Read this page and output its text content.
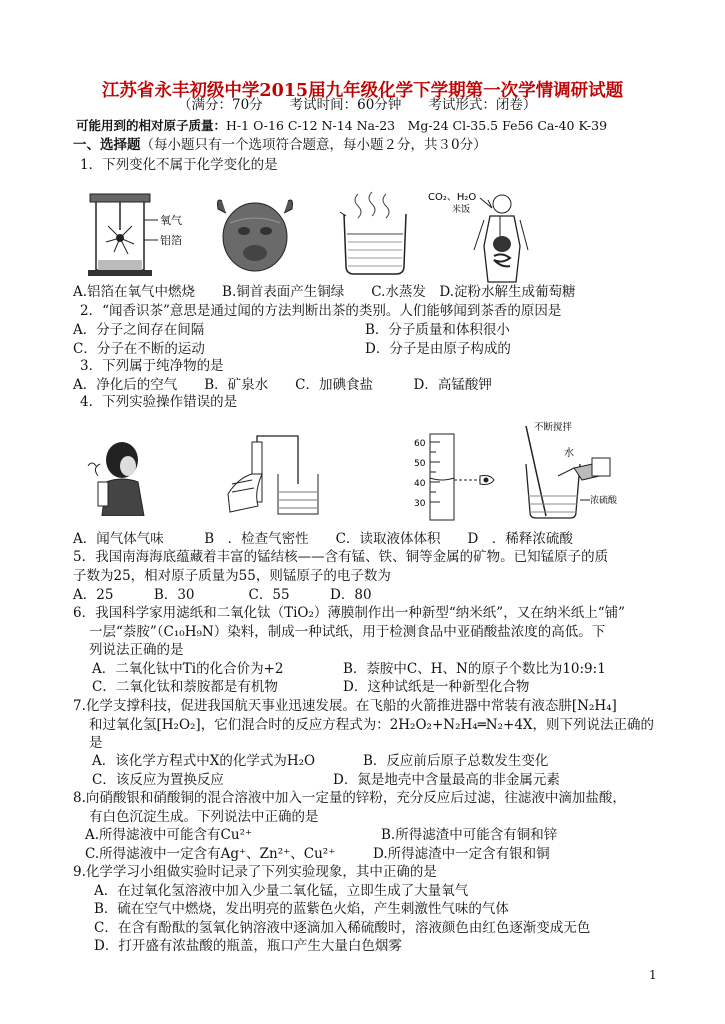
江苏省永丰初级中学2015届九年级化学下学期第一次学情调研试题
（满分：70分　　考试时间：60分钟　　考试形式：闭卷）
可能用到的相对原子质量：H-1 O-16 C-12 N-14 Na-23　Mg-24 Cl-35.5 Fe56 Ca-40 K-39
一、选择题（每小题只有一个选项符合题意，每小题２分，共３0分）
1．下列变化不属于化学变化的是
氧气
铝箔
CO₂、H₂O
米饭
A.铝箔在氧气中燃烧　　B.铜首表面产生铜绿　　C.水蒸发　D.淀粉水解生成葡萄糖
2．“闻香识茶”意思是通过闻的方法判断出茶的类别。人们能够闻到茶香的原因是
A．分子之间存在间隔	B．分子质量和体积很小
C．分子在不断的运动	D．分子是由原子构成的
3．下列属于纯净物的是
A．净化后的空气　　B．矿泉水　　C．加碘食盐　　　D．高锰酸钾
4．下列实验操作错误的是
60
50
40
30
不断搅拌
水
浓硫酸
A．闻气体气味　　　B　．检查气密性　　C．读取液体体积　　D　．稀释浓硫酸
5．我国南海海底蕴藏着丰富的锰结核——含有锰、铁、铜等金属的矿物。已知锰原子的质
子数为25，相对原子质量为55，则锰原子的电子数为
A．25　　　B．30　　　　C．55　　　D．80
6．我国科学家用滤纸和二氧化钛（TiO₂）薄膜制作出一种新型“纳米纸”，又在纳米纸上“铺”
一层“萘胺”（C₁₀H₉N）染料，制成一种试纸，用于检测食品中亚硝酸盐浓度的高低。下
列说法正确的是
A．二氧化钛中Ti的化合价为+2	B．萘胺中C、H、N的原子个数比为10:9:1
C．二氧化钛和萘胺都是有机物	D．这种试纸是一种新型化合物
7.化学支撑科技，促进我国航天事业迅速发展。在飞船的火箭推进器中常装有液态肼[N₂H₄]
和过氧化氢[H₂O₂]，它们混合时的反应方程式为：2H₂O₂+N₂H₄═N₂+4X，则下列说法正确的
是
A．该化学方程式中X的化学式为H₂O	B．反应前后原子总数发生变化
C．该反应为置换反应	D．氮是地壳中含量最高的非金属元素
8.向硝酸银和硝酸铜的混合溶液中加入一定量的锌粉，充分反应后过滤，往滤液中滴加盐酸，
有白色沉淀生成。下列说法中正确的是
A.所得滤液中可能含有Cu²⁺	B.所得滤渣中可能含有铜和锌
C.所得滤液中一定含有Ag⁺、Zn²⁺、Cu²⁺	D.所得滤渣中一定含有银和铜
9.化学学习小组做实验时记录了下列实验现象，其中正确的是
A．在过氧化氢溶液中加入少量二氧化锰，立即生成了大量氧气
B．硫在空气中燃烧，发出明亮的蓝紫色火焰，产生刺激性气味的气体
C．在含有酚酞的氢氧化钠溶液中逐滴加入稀硫酸时，溶液颜色由红色逐渐变成无色
D．打开盛有浓盐酸的瓶盖，瓶口产生大量白色烟雾
1
